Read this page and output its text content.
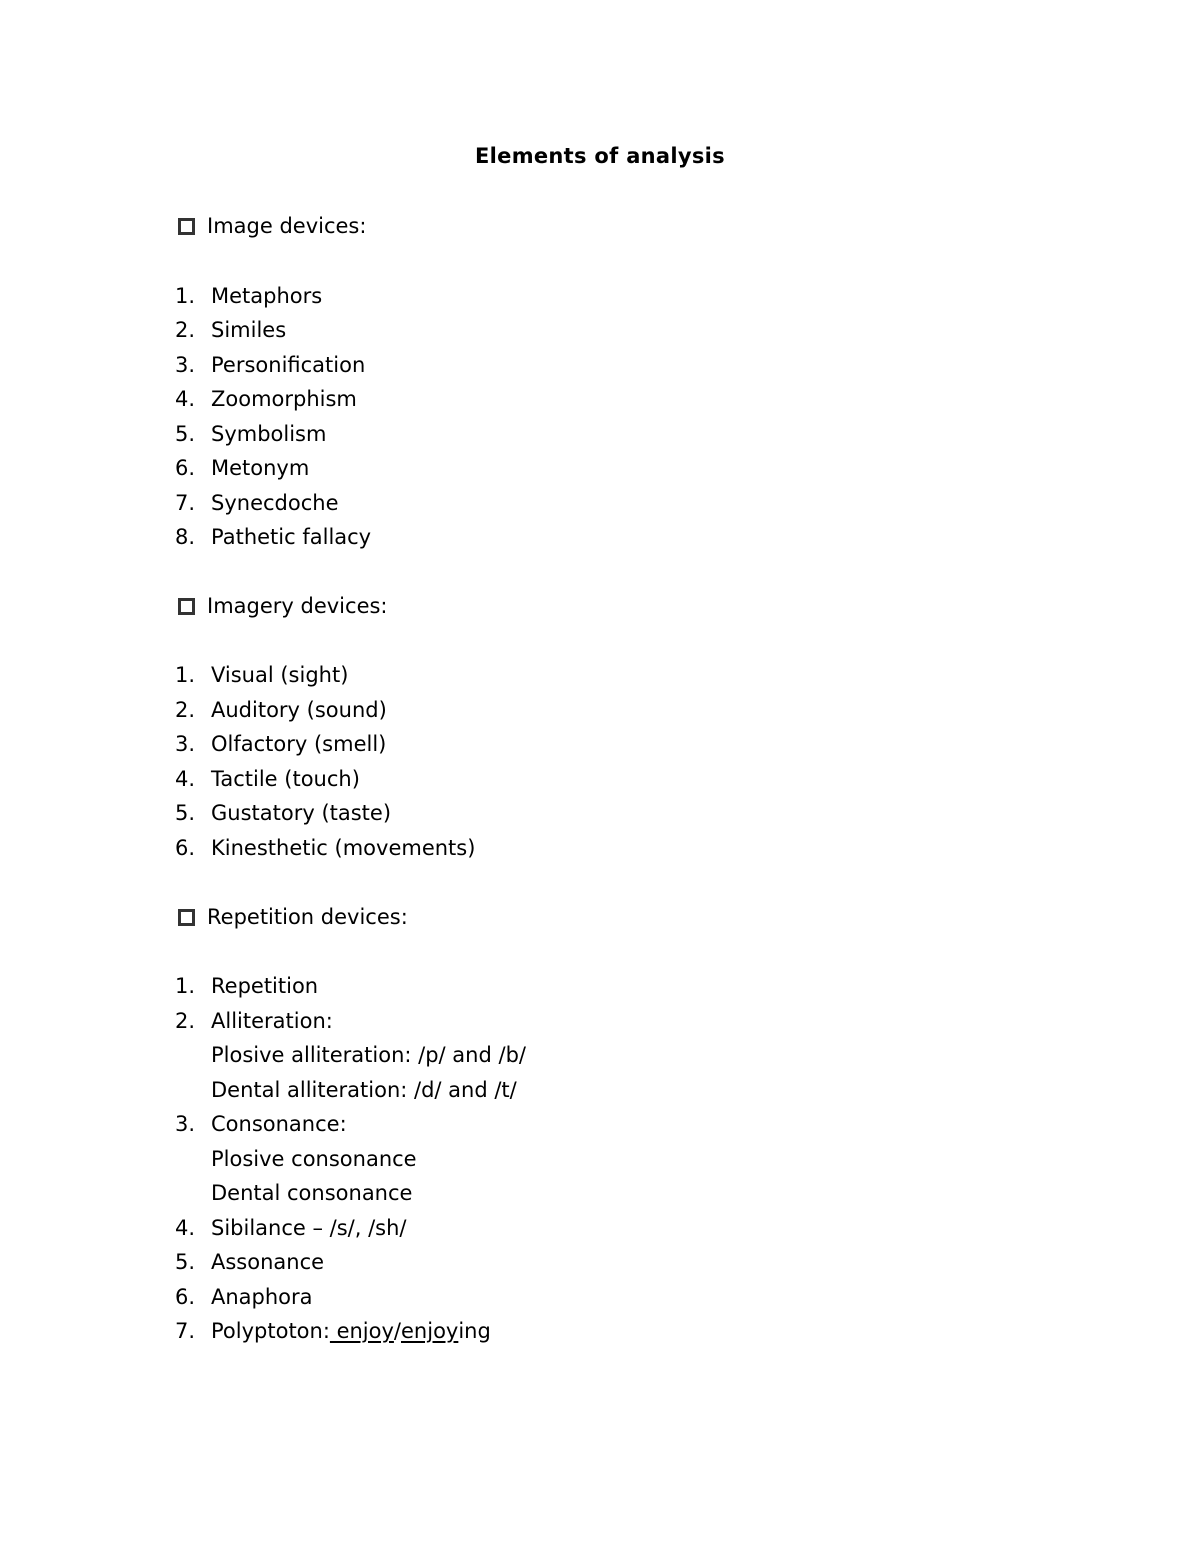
Elements of analysis
Image devices:
1. Metaphors
2. Similes
3. Personification
4. Zoomorphism
5. Symbolism
6. Metonym
7. Synecdoche
8. Pathetic fallacy
Imagery devices:
1. Visual (sight)
2. Auditory (sound)
3. Olfactory (smell)
4. Tactile (touch)
5. Gustatory (taste)
6. Kinesthetic (movements)
Repetition devices:
1. Repetition
2. Alliteration:
Plosive alliteration: /p/ and /b/
Dental alliteration: /d/ and /t/
3. Consonance:
Plosive consonance
Dental consonance
4. Sibilance – /s/, /sh/
5. Assonance
6. Anaphora
7. Polyptoton: enjoy/enjoying
